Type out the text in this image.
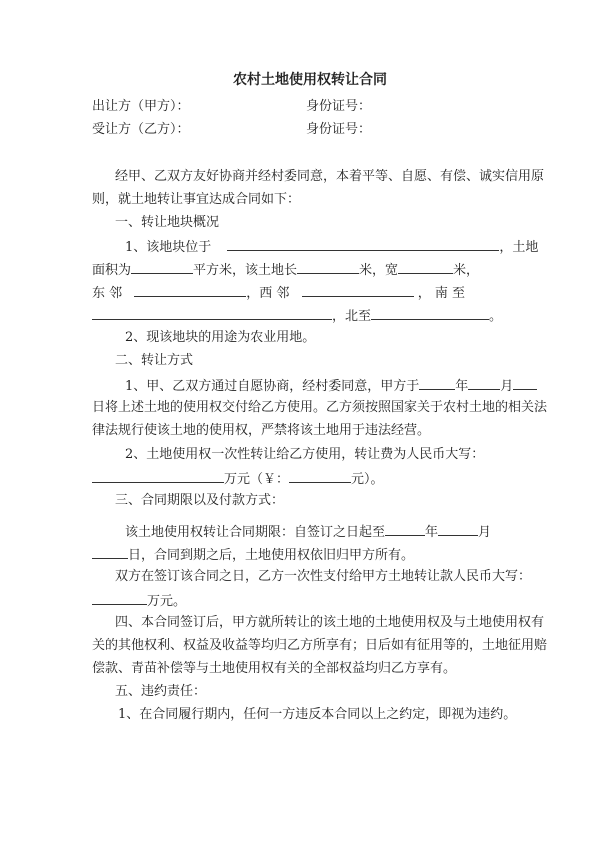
农村土地使用权转让合同
出让方（甲方）：	身份证号：
受让方（乙方）：	身份证号：
经甲、乙双方友好协商并经村委同意，本着平等、自愿、有偿、诚实信用原
则，就土地转让事宜达成合同如下：
一、转让地块概况
1、该地块位于	，土地
面积为	平方米，该土地长	米，宽	米，
东 邻	，西 邻	， 南 至
，北至	。
2、现该地块的用途为农业用地。
二、转让方式
1、甲、乙双方通过自愿协商，经村委同意，甲方于	年 月
日将上述土地的使用权交付给乙方使用。乙方须按照国家关于农村土地的相关法
律法规行使该土地的使用权，严禁将该土地用于违法经营。
2、土地使用权一次性转让给乙方使用，转让费为人民币大写：
万元（￥：	元）。
三、合同期限以及付款方式：
该土地使用权转让合同期限：自签订之日起至	年	月
日，合同到期之后，土地使用权依旧归甲方所有。
双方在签订该合同之日，乙方一次性支付给甲方土地转让款人民币大写：
万元。
四、本合同签订后，甲方就所转让的该土地的土地使用权及与土地使用权有
关的其他权利、权益及收益等均归乙方所享有；日后如有征用等的，土地征用赔
偿款、青苗补偿等与土地使用权有关的全部权益均归乙方享有。
五、违约责任：
1、在合同履行期内，任何一方违反本合同以上之约定，即视为违约。
